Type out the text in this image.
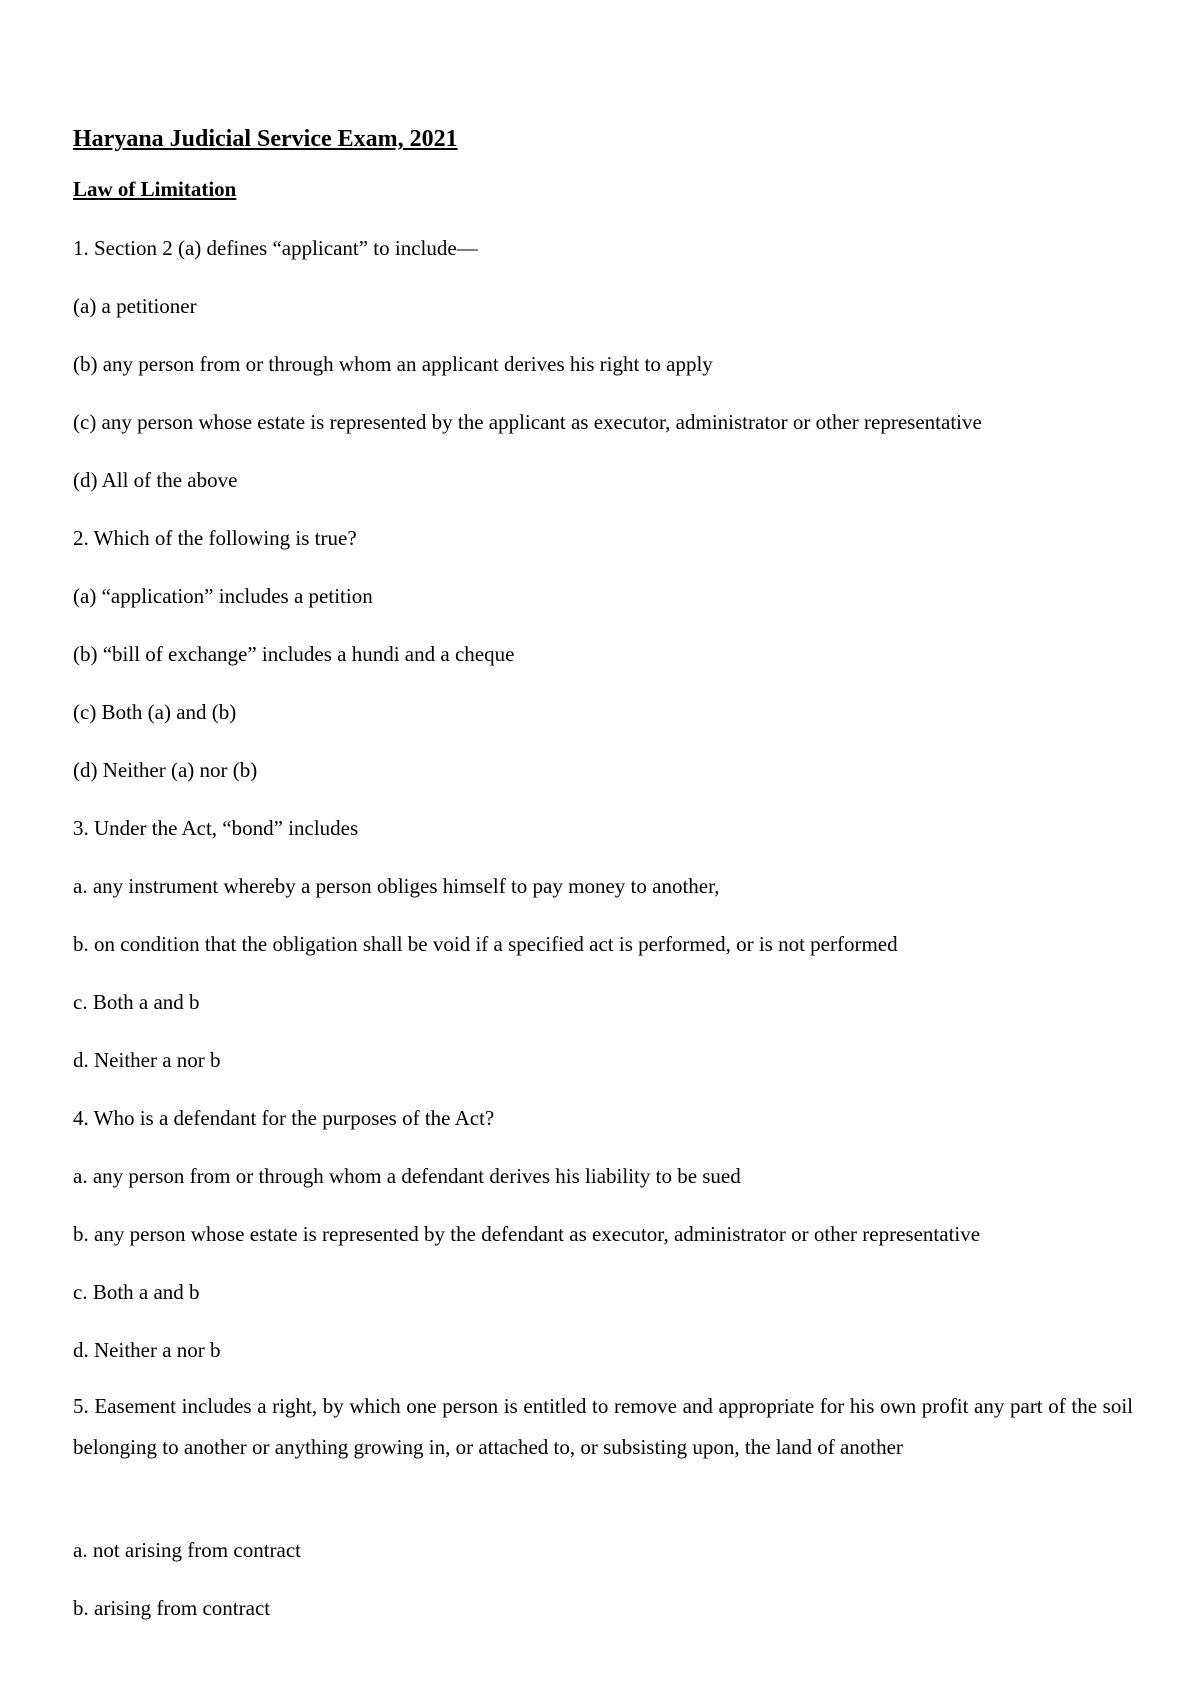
Haryana Judicial Service Exam, 2021
Law of Limitation
1. Section 2 (a) defines “applicant” to include—
(a) a petitioner
(b) any person from or through whom an applicant derives his right to apply
(c) any person whose estate is represented by the applicant as executor, administrator or other representative
(d) All of the above
2. Which of the following is true?
(a) “application” includes a petition
(b) “bill of exchange” includes a hundi and a cheque
(c) Both (a) and (b)
(d) Neither (a) nor (b)
3. Under the Act, “bond” includes
a. any instrument whereby a person obliges himself to pay money to another,
b. on condition that the obligation shall be void if a specified act is performed, or is not performed
c. Both a and b
d. Neither a nor b
4. Who is a defendant for the purposes of the Act?
a. any person from or through whom a defendant derives his liability to be sued
b. any person whose estate is represented by the defendant as executor, administrator or other representative
c. Both a and b
d. Neither a nor b
5. Easement includes a right, by which one person is entitled to remove and appropriate for his own profit any part of the soil belonging to another or anything growing in, or attached to, or subsisting upon, the land of another
a. not arising from contract
b. arising from contract
